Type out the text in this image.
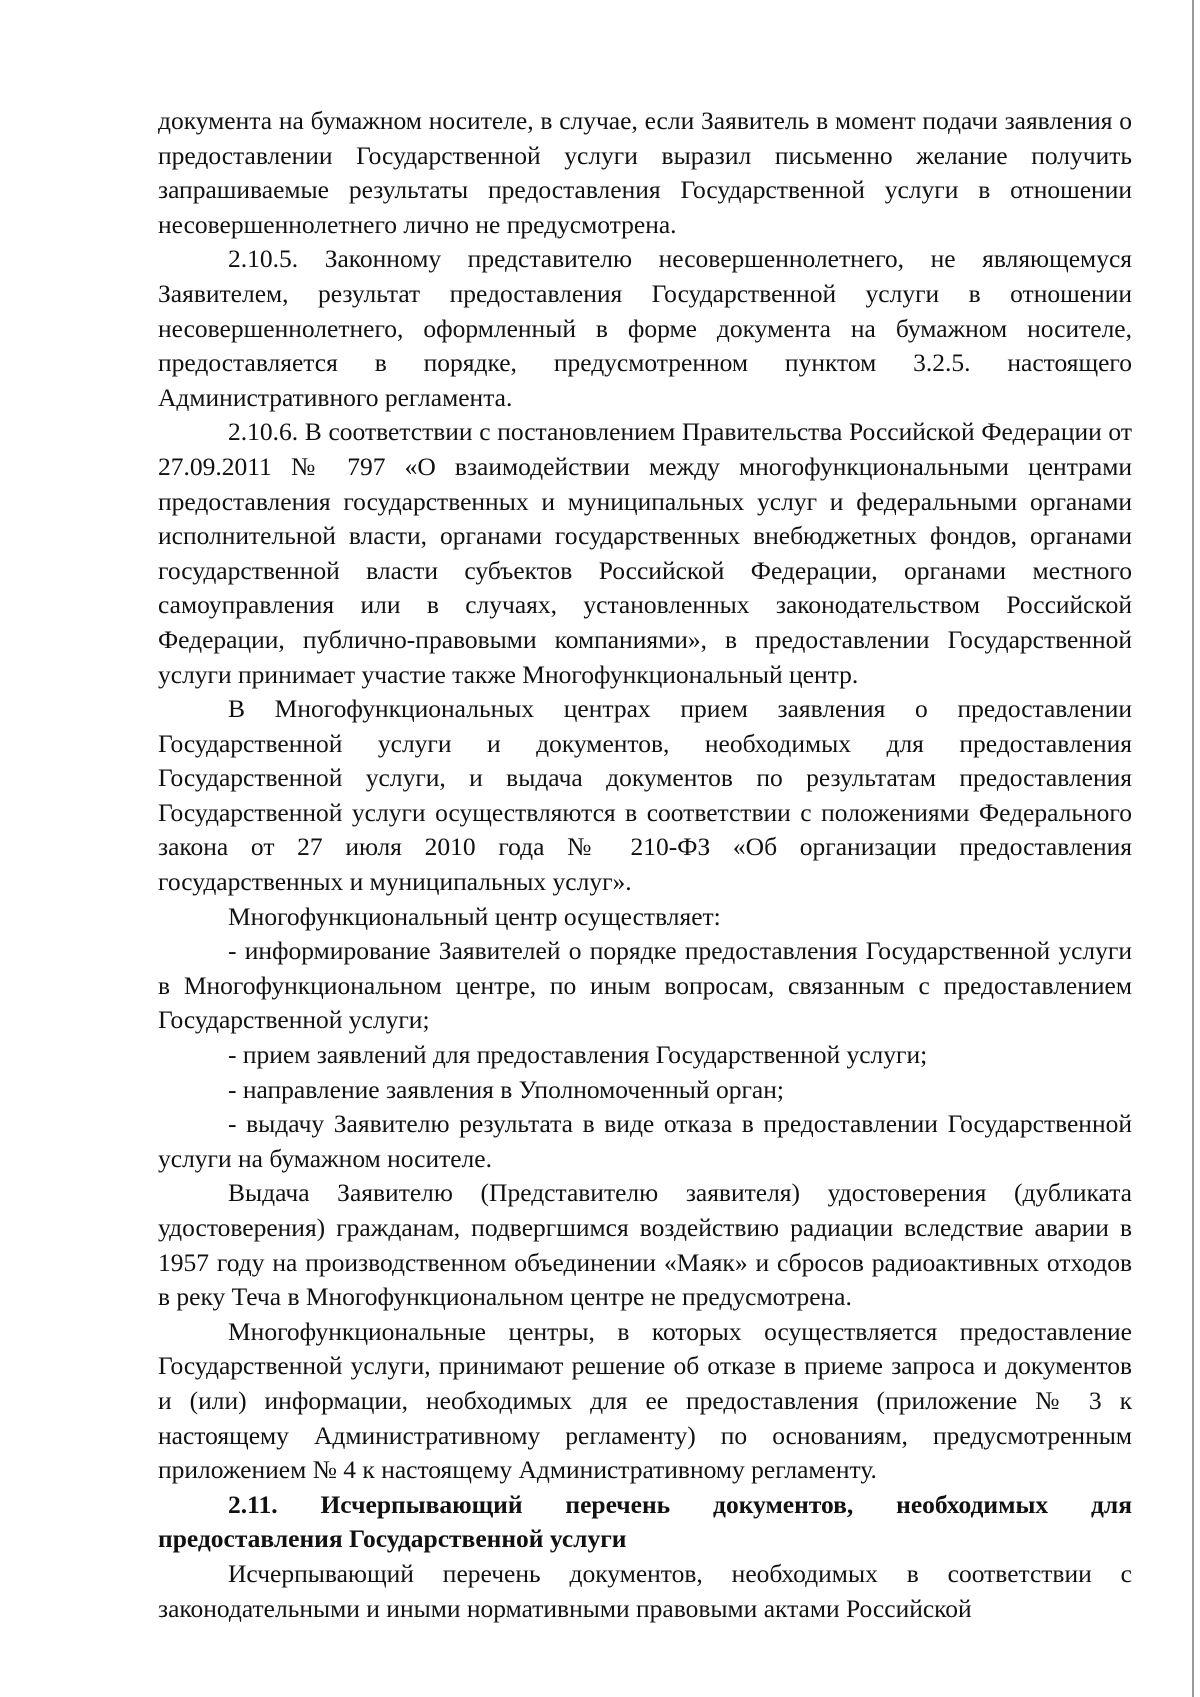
документа на бумажном носителе, в случае, если Заявитель в момент подачи заявления о предоставлении Государственной услуги выразил письменно желание получить запрашиваемые результаты предоставления Государственной услуги в отношении несовершеннолетнего лично не предусмотрена.

2.10.5. Законному представителю несовершеннолетнего, не являющемуся Заявителем, результат предоставления Государственной услуги в отношении несовершеннолетнего, оформленный в форме документа на бумажном носителе, предоставляется в порядке, предусмотренном пунктом 3.2.5. настоящего Административного регламента.

2.10.6. В соответствии с постановлением Правительства Российской Федерации от 27.09.2011 № 797 «О взаимодействии между многофункциональными центрами предоставления государственных и муниципальных услуг и федеральными органами исполнительной власти, органами государственных внебюджетных фондов, органами государственной власти субъектов Российской Федерации, органами местного самоуправления или в случаях, установленных законодательством Российской Федерации, публично-правовыми компаниями», в предоставлении Государственной услуги принимает участие также Многофункциональный центр.

В Многофункциональных центрах прием заявления о предоставлении Государственной услуги и документов, необходимых для предоставления Государственной услуги, и выдача документов по результатам предоставления Государственной услуги осуществляются в соответствии с положениями Федерального закона от 27 июля 2010 года № 210-ФЗ «Об организации предоставления государственных и муниципальных услуг».

Многофункциональный центр осуществляет:

- информирование Заявителей о порядке предоставления Государственной услуги в Многофункциональном центре, по иным вопросам, связанным с предоставлением Государственной услуги;

- прием заявлений для предоставления Государственной услуги;

- направление заявления в Уполномоченный орган;

- выдачу Заявителю результата в виде отказа в предоставлении Государственной услуги на бумажном носителе.

Выдача Заявителю (Представителю заявителя) удостоверения (дубликата удостоверения) гражданам, подвергшимся воздействию радиации вследствие аварии в 1957 году на производственном объединении «Маяк» и сбросов радиоактивных отходов в реку Теча в Многофункциональном центре не предусмотрена.

Многофункциональные центры, в которых осуществляется предоставление Государственной услуги, принимают решение об отказе в приеме запроса и документов и (или) информации, необходимых для ее предоставления (приложение № 3 к настоящему Административному регламенту) по основаниям, предусмотренным приложением № 4 к настоящему Административному регламенту.

2.11. Исчерпывающий перечень документов, необходимых для предоставления Государственной услуги

Исчерпывающий перечень документов, необходимых в соответствии с законодательными и иными нормативными правовыми актами Российской
